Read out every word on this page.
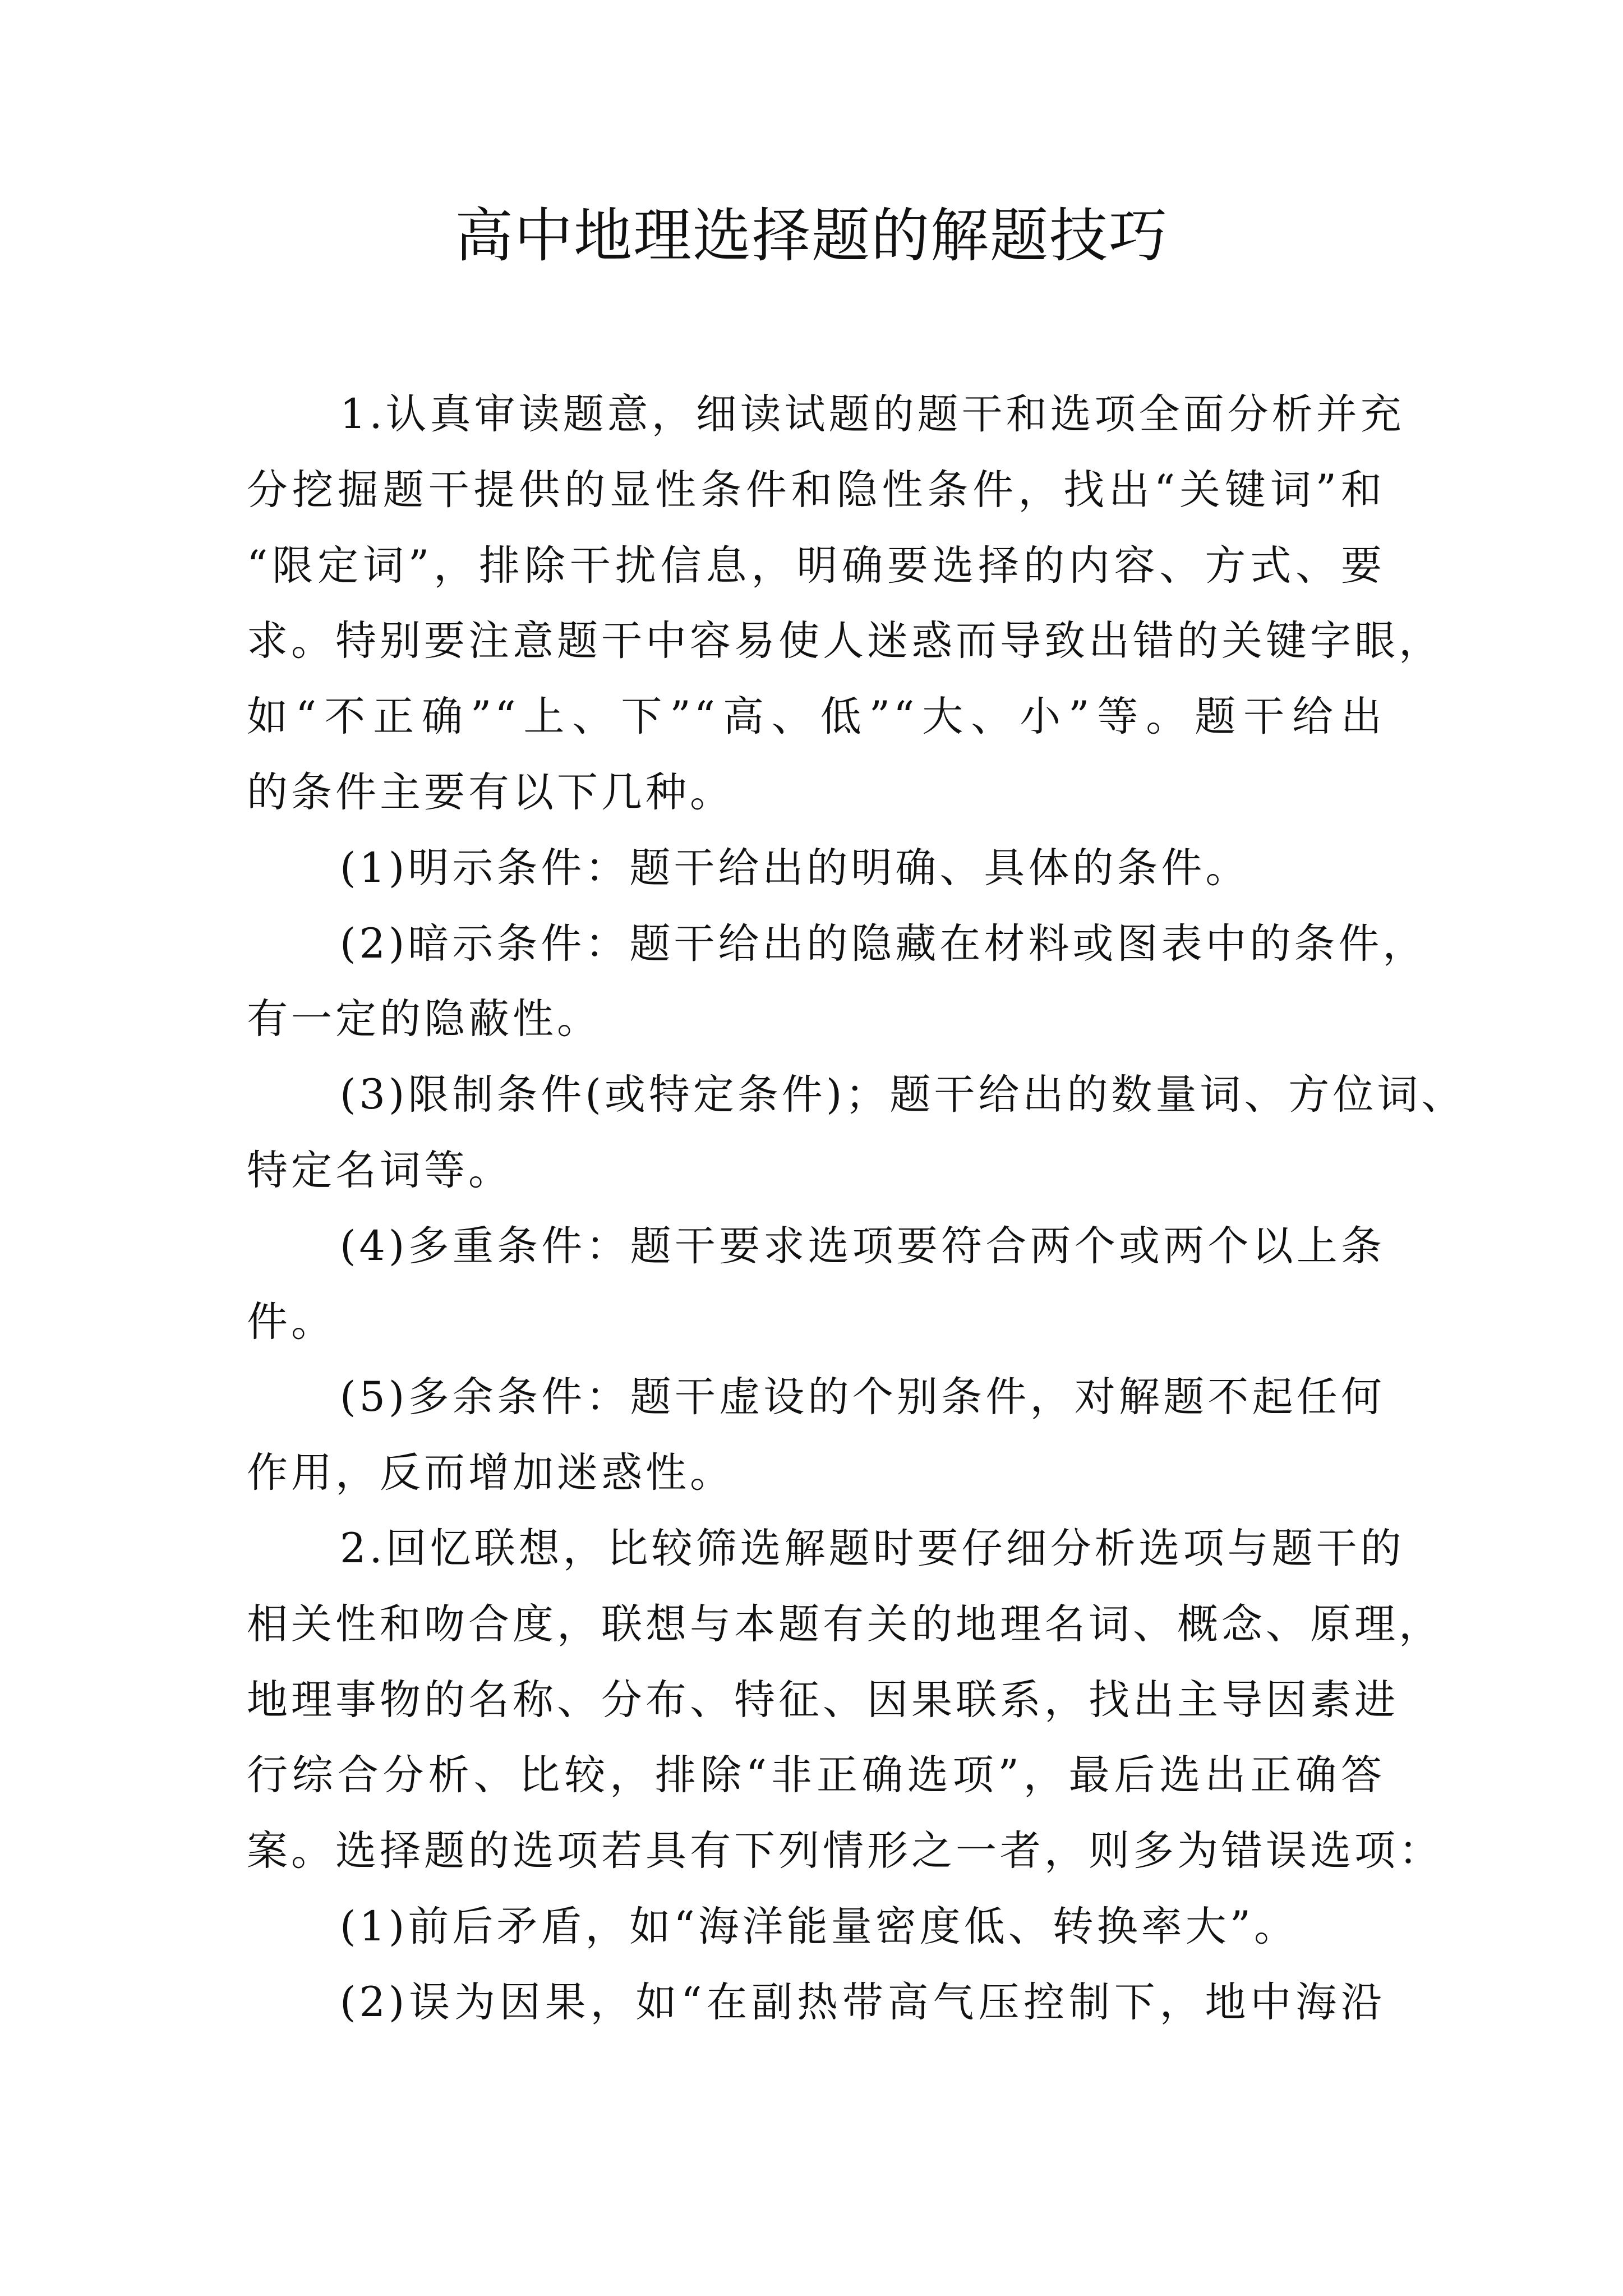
高中地理选择题的解题技巧
1.认真审读题意，细读试题的题干和选项全面分析并充
分挖掘题干提供的显性条件和隐性条件，找出“关键词”和
“限定词”，排除干扰信息，明确要选择的内容、方式、要
求。特别要注意题干中容易使人迷惑而导致出错的关键字眼，
如“不正确”“上、下”“高、低”“大、小”等。题干给出
的条件主要有以下几种。
(1)明示条件：题干给出的明确、具体的条件。
(2)暗示条件：题干给出的隐藏在材料或图表中的条件，
有一定的隐蔽性。
(3)限制条件(或特定条件)；题干给出的数量词、方位词、
特定名词等。
(4)多重条件：题干要求选项要符合两个或两个以上条
件。
(5)多余条件：题干虚设的个别条件，对解题不起任何
作用，反而增加迷惑性。
2.回忆联想，比较筛选解题时要仔细分析选项与题干的
相关性和吻合度，联想与本题有关的地理名词、概念、原理，
地理事物的名称、分布、特征、因果联系，找出主导因素进
行综合分析、比较，排除“非正确选项”，最后选出正确答
案。选择题的选项若具有下列情形之一者，则多为错误选项：
(1)前后矛盾，如“海洋能量密度低、转换率大”。
(2)误为因果，如“在副热带高气压控制下，地中海沿
